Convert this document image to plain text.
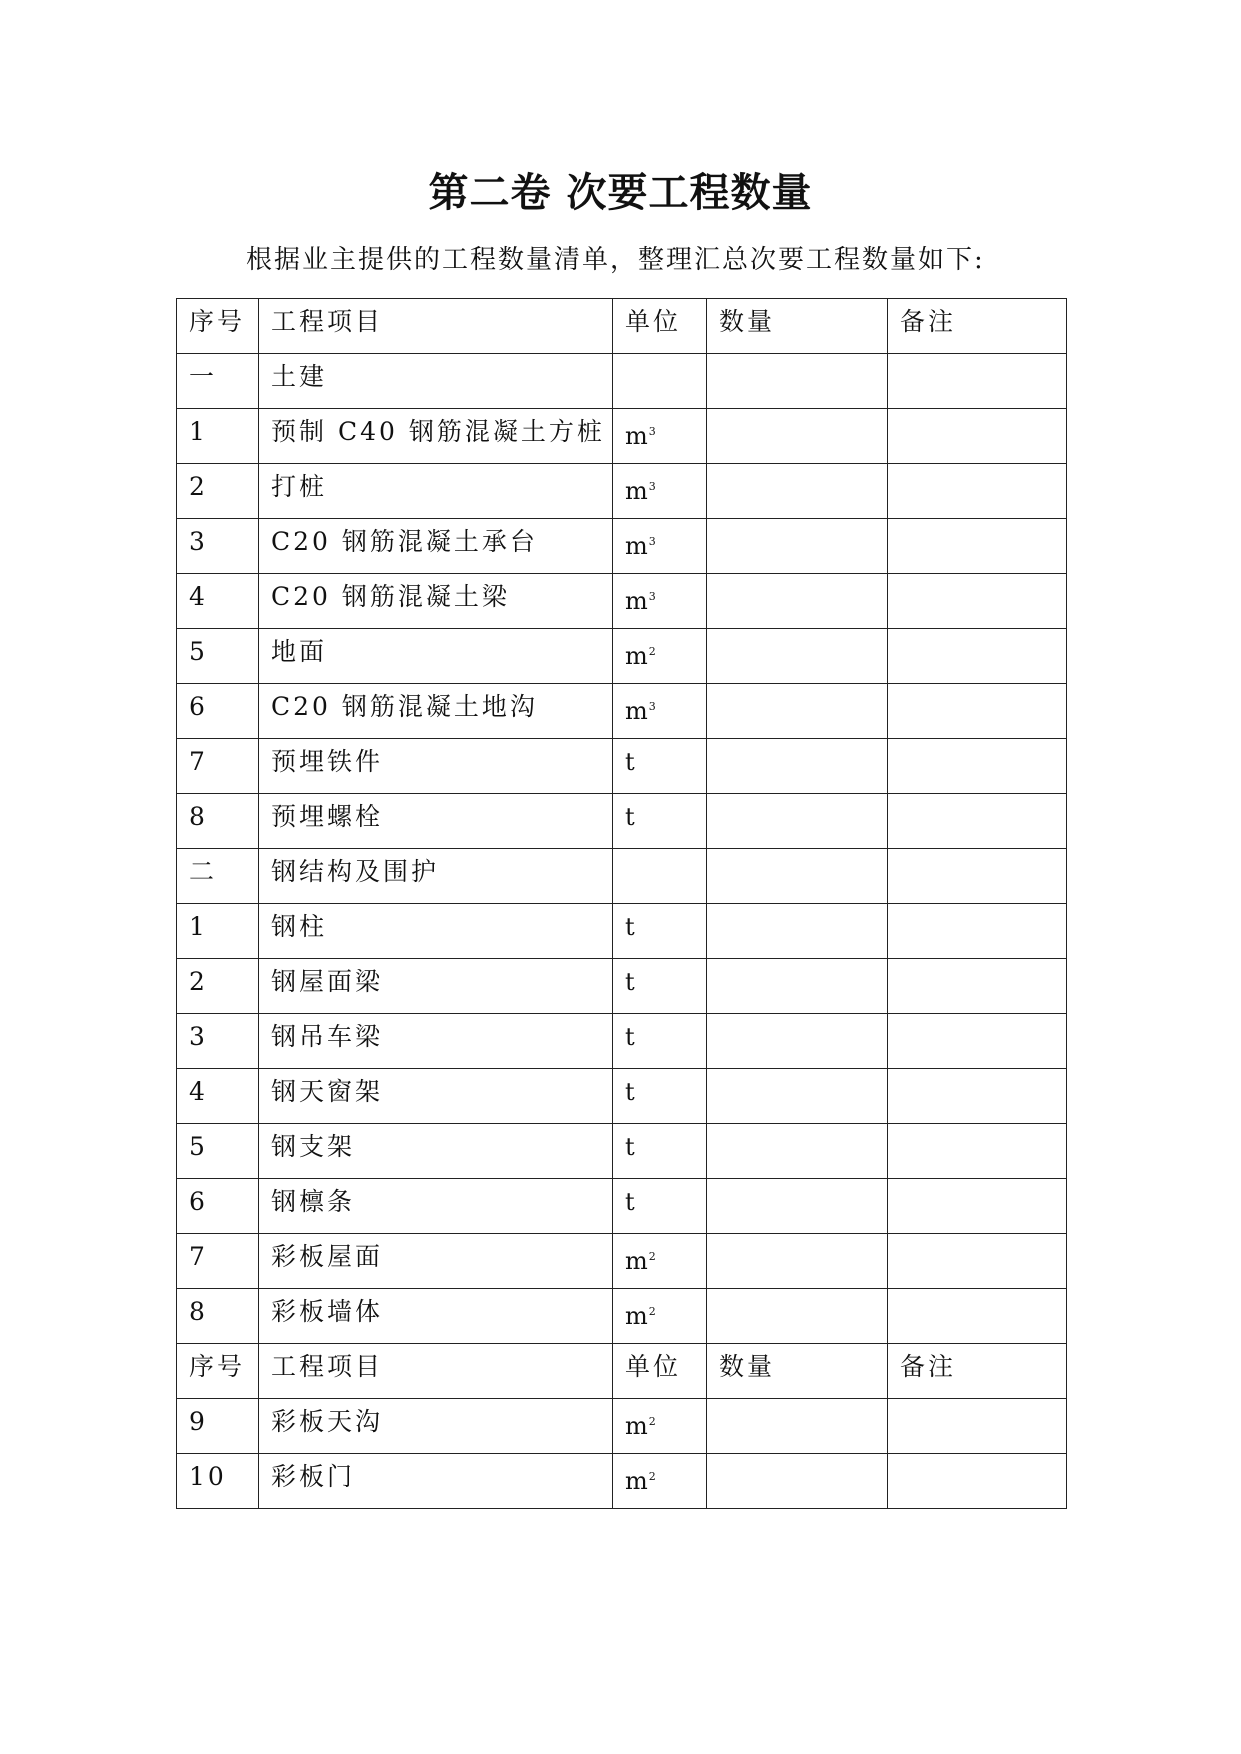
第二卷 次要工程数量

根据业主提供的工程数量清单，整理汇总次要工程数量如下:

序号	工程项目	单位	数量	备注
一	土建			
1	预制 C40 钢筋混凝土方桩	$m^3$		
2	打桩	$m^3$		
3	C20 钢筋混凝土承台	$m^3$		
4	C20 钢筋混凝土梁	$m^3$		
5	地面	$m^2$		
6	C20 钢筋混凝土地沟	$m^3$		
7	预埋铁件	t		
8	预埋螺栓	t		
二	钢结构及围护			
1	钢柱	t		
2	钢屋面梁	t		
3	钢吊车梁	t		
4	钢天窗架	t		
5	钢支架	t		
6	钢檩条	t		
7	彩板屋面	$m^2$		
8	彩板墙体	$m^2$		
序号	工程项目	单位	数量	备注
9	彩板天沟	$m^2$		
10	彩板门	$m^2$		
